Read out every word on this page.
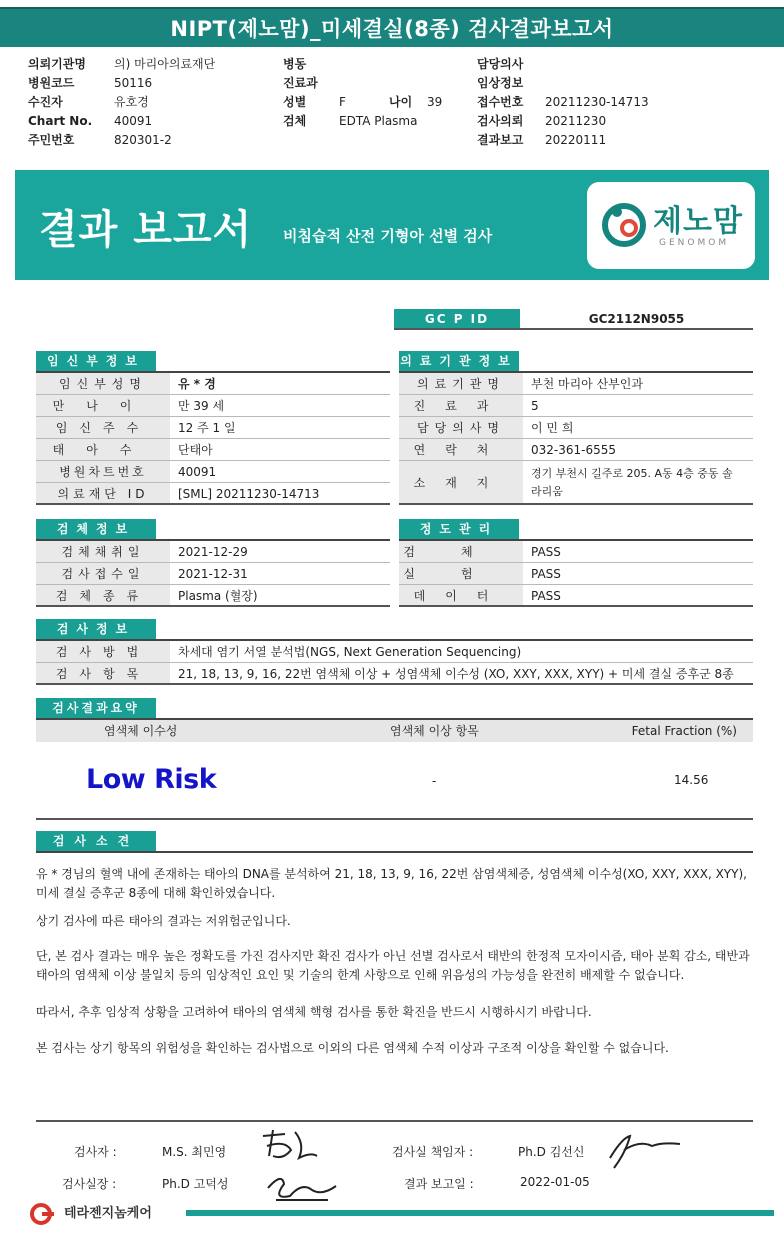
NIPT(제노맘)_미세결실(8종) 검사결과보고서
의뢰기관명 의) 마리아의료재단
병원코드	50116
수진자	유호경
Chart No. 40091
주민번호	820301-2
병동
진료과
성별	F	나이 39
검체	EDTA Plasma
담당의사
임상정보
접수번호 20211230-14713
검사의뢰 20211230
결과보고 20220111
결과 보고서 비침습적 산전 기형아 선별 검사	제노맘
GENOMOM
GC P ID	GC2112N9055
임신부정보
임신부성명	유 * 경
만나이	만 39 세
임신주수	12 주 1 일
태아수	단태아
병원차트번호	40091
의료재단 ID	[SML] 20211230-14713
의료기관정보
의료기관명	부천 마리아 산부인과
진료과	5
담당의사명	이 민 희
연락처	032-361-6555
소재지
경기 부천시 길주로 205. A동 4층 중동 솔라리움
검체정보
검체채취일	2021-12-29
검사접수일	2021-12-31
검체종류	Plasma (혈장)
정도관리
검체	PASS
실험	PASS
데이터	PASS
검사정보
검사방법	차세대 염기 서열 분석법(NGS, Next Generation Sequencing)
검사항목	21, 18, 13, 9, 16, 22번 염색체 이상 + 성염색체 이수성 (XO, XXY, XXX, XYY) + 미세 결실 증후군 8종
검사결과요약
염색체 이수성	염색체 이상 항목	Fetal Fraction (%)
Low Risk	-	14.56
검사소견
유 * 경님의 혈액 내에 존재하는 태아의 DNA를 분석하여 21, 18, 13, 9, 16, 22번 삼염색체증, 성염색체 이수성(XO, XXY, XXX, XYY), 미세 결실 증후군 8종에 대해 확인하였습니다.
상기 검사에 따른 태아의 결과는 저위험군입니다.
단, 본 검사 결과는 매우 높은 정확도를 가진 검사지만 확진 검사가 아닌 선별 검사로서 태반의 한정적 모자이시즘, 태아 분획 감소, 태반과 태아의 염색체 이상 불일치 등의 임상적인 요인 및 기술의 한계 사항으로 인해 위음성의 가능성을 완전히 배제할 수 없습니다.
따라서, 추후 임상적 상황을 고려하여 태아의 염색체 핵형 검사를 통한 확진을 반드시 시행하시기 바랍니다.
본 검사는 상기 항목의 위험성을 확인하는 검사법으로 이외의 다른 염색체 수적 이상과 구조적 이상을 확인할 수 없습니다.
검사자 :	M.S. 최민영	검사실 책임자 :	Ph.D 김선신
검사실장 :	Ph.D 고덕성	결과 보고일 :	2022-01-05
테라젠지놈케어
